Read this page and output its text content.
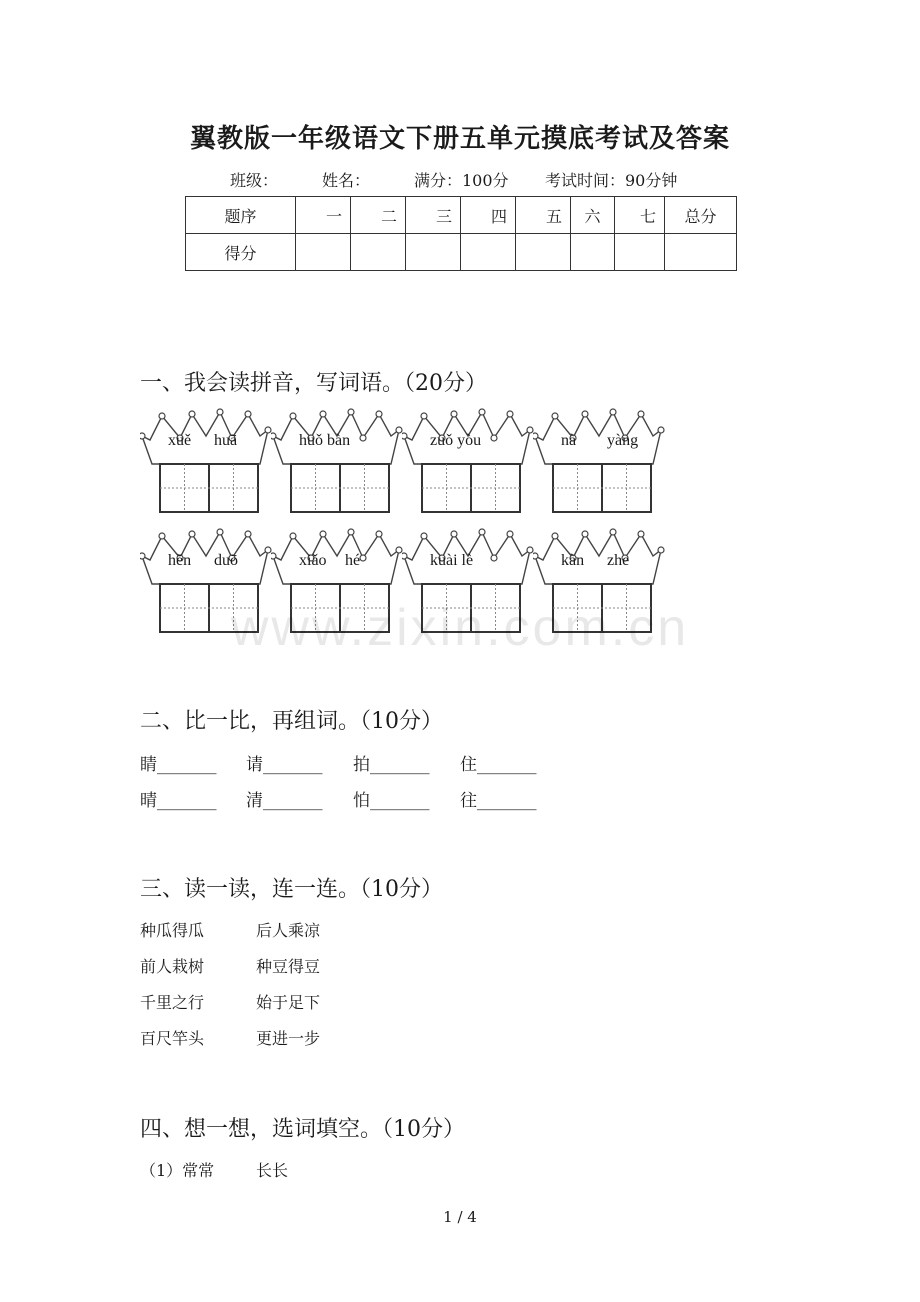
翼教版一年级语文下册五单元摸底考试及答案
班级：	姓名：	满分：100分 考试时间：90分钟
题序	一	二	三	四	五	六	七	总分
得分								
一、我会读拼音，写词语。（20分）
xuě huā	huǒ bàn	zuǒ yòu	nà yàng
hěn duō	xiǎo hé	kuài lè	kàn zhe
二、比一比，再组词。（10分）
睛_______ 请_______ 拍_______ 住_______
晴_______ 清_______ 怕_______ 往_______
三、读一读，连一连。（10分）
种瓜得瓜	后人乘凉
前人栽树	种豆得豆
千里之行	始于足下
百尺竿头	更进一步
四、想一想，选词填空。（10分）
（1）常常	长长
www.zixin.com.cn
1 / 4
